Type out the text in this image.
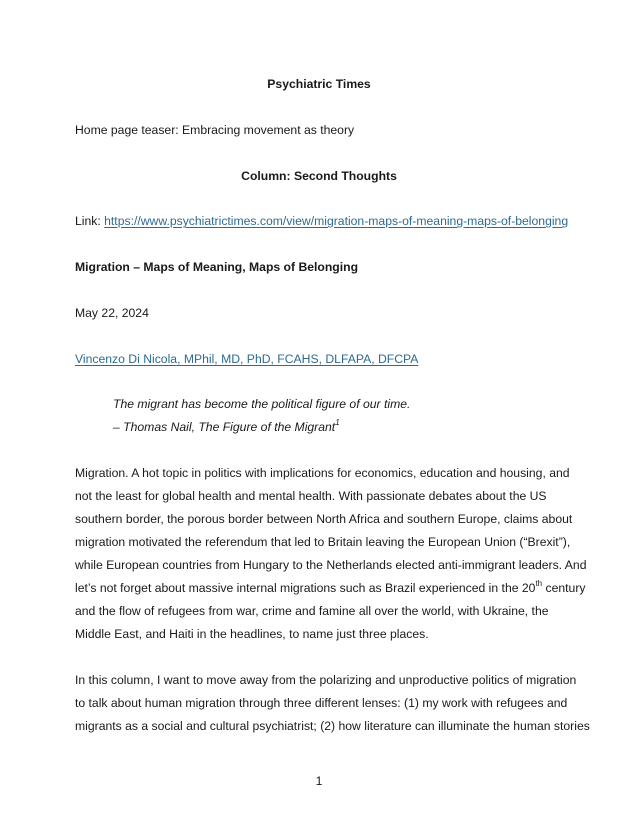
Psychiatric Times
Home page teaser: Embracing movement as theory
Column: Second Thoughts
Link: https://www.psychiatrictimes.com/view/migration-maps-of-meaning-maps-of-belonging
Migration – Maps of Meaning, Maps of Belonging
May 22, 2024
Vincenzo Di Nicola, MPhil, MD, PhD, FCAHS, DLFAPA, DFCPA
The migrant has become the political figure of our time.
– Thomas Nail, The Figure of the Migrant$^1$
Migration. A hot topic in politics with implications for economics, education and housing, and
not the least for global health and mental health. With passionate debates about the US
southern border, the porous border between North Africa and southern Europe, claims about
migration motivated the referendum that led to Britain leaving the European Union (“Brexit”),
while European countries from Hungary to the Netherlands elected anti-immigrant leaders. And
let’s not forget about massive internal migrations such as Brazil experienced in the 20th century
and the flow of refugees from war, crime and famine all over the world, with Ukraine, the
Middle East, and Haiti in the headlines, to name just three places.
In this column, I want to move away from the polarizing and unproductive politics of migration
to talk about human migration through three different lenses: (1) my work with refugees and
migrants as a social and cultural psychiatrist; (2) how literature can illuminate the human stories
1
